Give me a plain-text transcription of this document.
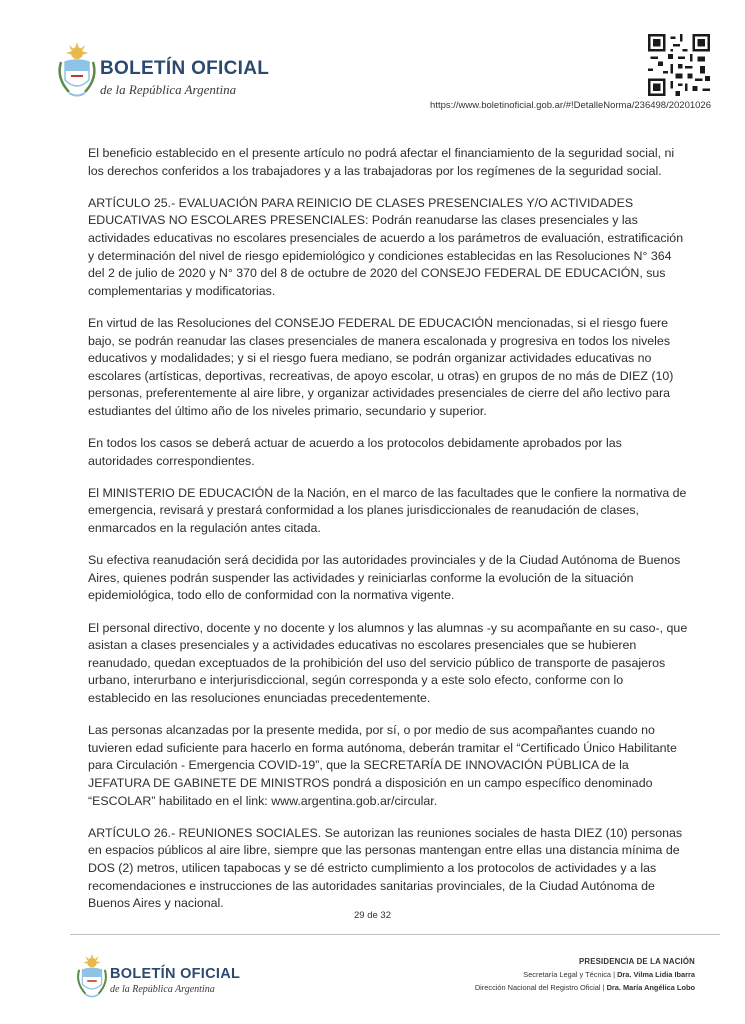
BOLETÍN OFICIAL
de la República Argentina
https://www.boletinoficial.gob.ar/#!DetalleNorma/236498/20201026

El beneficio establecido en el presente artículo no podrá afectar el financiamiento de la seguridad social, ni los derechos conferidos a los trabajadores y a las trabajadoras por los regímenes de la seguridad social.

ARTÍCULO 25.- EVALUACIÓN PARA REINICIO DE CLASES PRESENCIALES Y/O ACTIVIDADES EDUCATIVAS NO ESCOLARES PRESENCIALES: Podrán reanudarse las clases presenciales y las actividades educativas no escolares presenciales de acuerdo a los parámetros de evaluación, estratificación y determinación del nivel de riesgo epidemiológico y condiciones establecidas en las Resoluciones N° 364 del 2 de julio de 2020 y N° 370 del 8 de octubre de 2020 del CONSEJO FEDERAL DE EDUCACIÓN, sus complementarias y modificatorias.

En virtud de las Resoluciones del CONSEJO FEDERAL DE EDUCACIÓN mencionadas, si el riesgo fuere bajo, se podrán reanudar las clases presenciales de manera escalonada y progresiva en todos los niveles educativos y modalidades; y si el riesgo fuera mediano, se podrán organizar actividades educativas no escolares (artísticas, deportivas, recreativas, de apoyo escolar, u otras) en grupos de no más de DIEZ (10) personas, preferentemente al aire libre, y organizar actividades presenciales de cierre del año lectivo para estudiantes del último año de los niveles primario, secundario y superior.

En todos los casos se deberá actuar de acuerdo a los protocolos debidamente aprobados por las autoridades correspondientes.

El MINISTERIO DE EDUCACIÓN de la Nación, en el marco de las facultades que le confiere la normativa de emergencia, revisará y prestará conformidad a los planes jurisdiccionales de reanudación de clases, enmarcados en la regulación antes citada.

Su efectiva reanudación será decidida por las autoridades provinciales y de la Ciudad Autónoma de Buenos Aires, quienes podrán suspender las actividades y reiniciarlas conforme la evolución de la situación epidemiológica, todo ello de conformidad con la normativa vigente.

El personal directivo, docente y no docente y los alumnos y las alumnas -y su acompañante en su caso-, que asistan a clases presenciales y a actividades educativas no escolares presenciales que se hubieren reanudado, quedan exceptuados de la prohibición del uso del servicio público de transporte de pasajeros urbano, interurbano e interjurisdiccional, según corresponda y a este solo efecto, conforme con lo establecido en las resoluciones enunciadas precedentemente.

Las personas alcanzadas por la presente medida, por sí, o por medio de sus acompañantes cuando no tuvieren edad suficiente para hacerlo en forma autónoma, deberán tramitar el “Certificado Único Habilitante para Circulación - Emergencia COVID-19”, que la SECRETARÍA DE INNOVACIÓN PÚBLICA de la JEFATURA DE GABINETE DE MINISTROS pondrá a disposición en un campo específico denominado “ESCOLAR” habilitado en el link: www.argentina.gob.ar/circular.

ARTÍCULO 26.- REUNIONES SOCIALES. Se autorizan las reuniones sociales de hasta DIEZ (10) personas en espacios públicos al aire libre, siempre que las personas mantengan entre ellas una distancia mínima de DOS (2) metros, utilicen tapabocas y se dé estricto cumplimiento a los protocolos de actividades y a las recomendaciones e instrucciones de las autoridades sanitarias provinciales, de la Ciudad Autónoma de Buenos Aires y nacional.

29 de 32
BOLETÍN OFICIAL
de la República Argentina
PRESIDENCIA DE LA NACIÓN
Secretaría Legal y Técnica | Dra. Vilma Lidia Ibarra
Dirección Nacional del Registro Oficial | Dra. María Angélica Lobo
